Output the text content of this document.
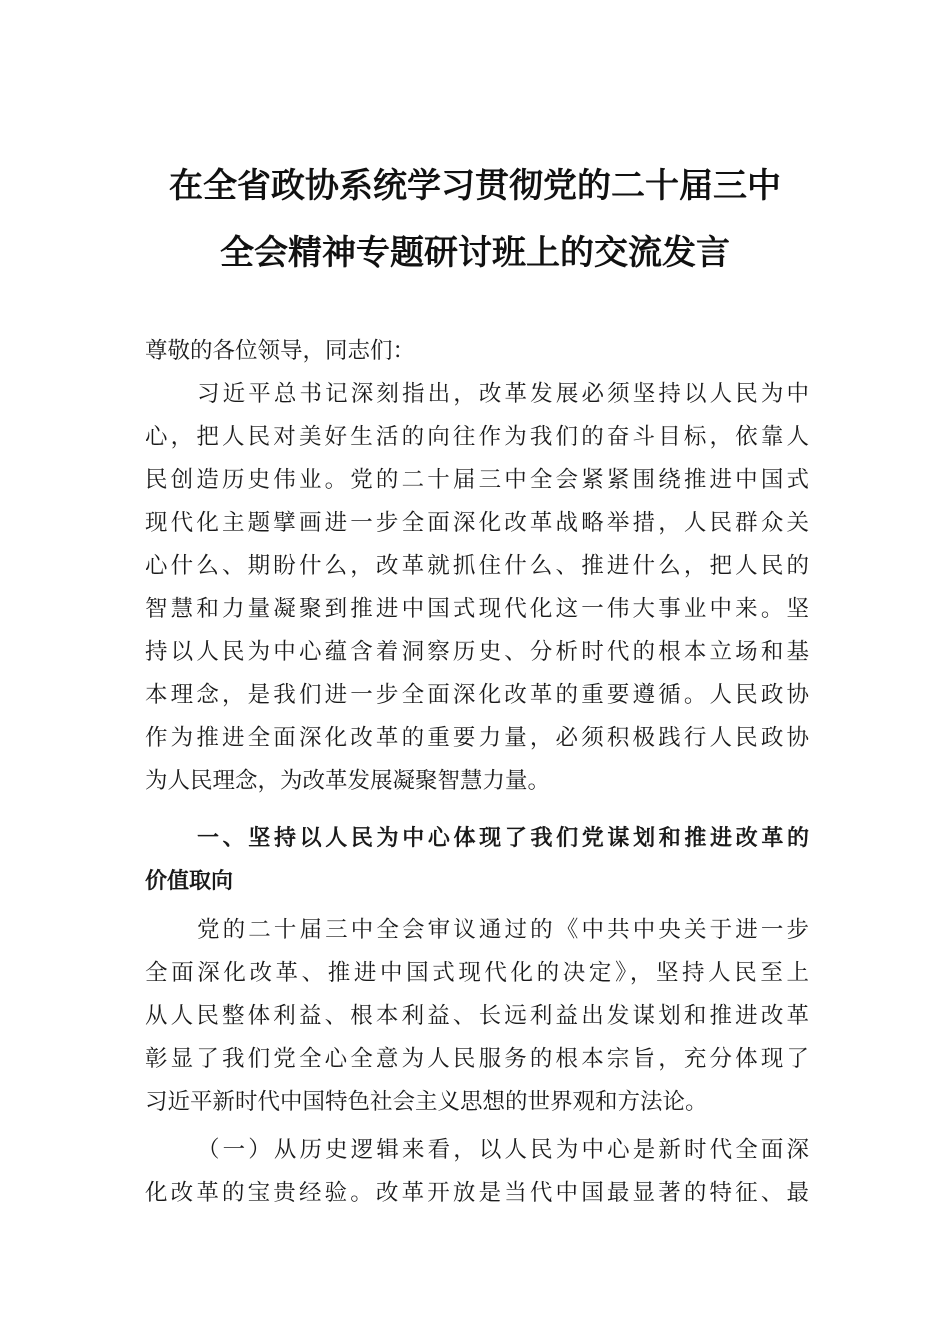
在全省政协系统学习贯彻党的二十届三中
全会精神专题研讨班上的交流发言
尊敬的各位领导，同志们：
习近平总书记深刻指出，改革发展必须坚持以人民为中
心，把人民对美好生活的向往作为我们的奋斗目标，依靠人
民创造历史伟业。党的二十届三中全会紧紧围绕推进中国式
现代化主题擘画进一步全面深化改革战略举措，人民群众关
心什么、期盼什么，改革就抓住什么、推进什么，把人民的
智慧和力量凝聚到推进中国式现代化这一伟大事业中来。坚
持以人民为中心蕴含着洞察历史、分析时代的根本立场和基
本理念，是我们进一步全面深化改革的重要遵循。人民政协
作为推进全面深化改革的重要力量，必须积极践行人民政协
为人民理念，为改革发展凝聚智慧力量。
一、坚持以人民为中心体现了我们党谋划和推进改革的
价值取向
党的二十届三中全会审议通过的《中共中央关于进一步
全面深化改革、推进中国式现代化的决定》，坚持人民至上
从人民整体利益、根本利益、长远利益出发谋划和推进改革
彰显了我们党全心全意为人民服务的根本宗旨，充分体现了
习近平新时代中国特色社会主义思想的世界观和方法论。
（一）从历史逻辑来看，以人民为中心是新时代全面深
化改革的宝贵经验。改革开放是当代中国最显著的特征、最
